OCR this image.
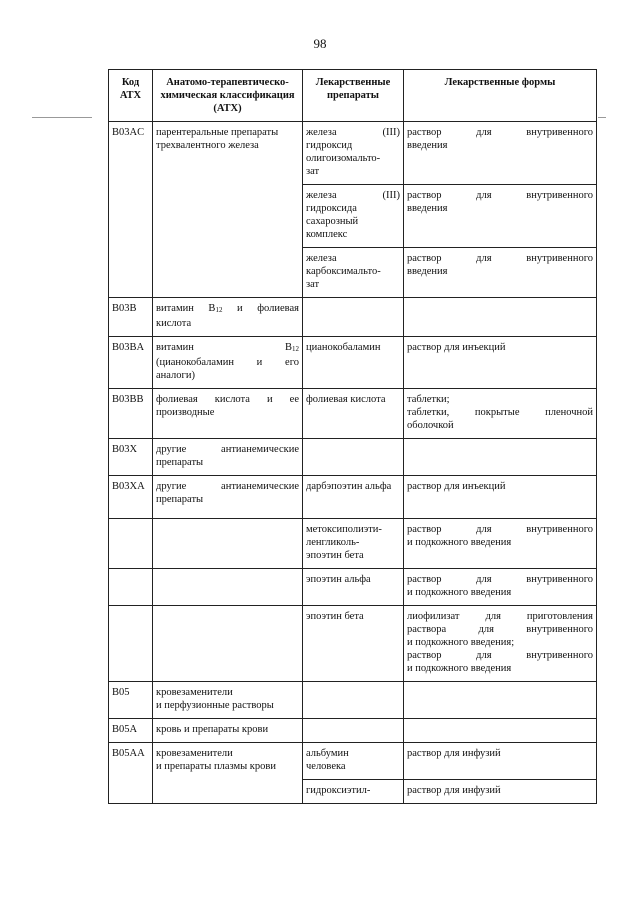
98
Код АТХ	Анатомо-терапевтическо-химическая классификация (АТХ)	Лекарственные препараты	Лекарственные формы
B03AC	парентеральные препараты трехвалентного железа	железа (III)
гидроксид
олигоизомальто-
зат	раствор для внутривенного
введения

		железа (III)
гидроксида
сахарозный
комплекс	раствор для внутривенного
введения

		железа
карбоксимальто-
зат	раствор для внутривенного
введения

B03B	витамин $B_{12}$ и фолиевая кислота		
B03BA	витамин $B_{12}$
(цианокобаламин и его
аналоги)	цианокобаламин	раствор для инъекций
B03BB	фолиевая кислота и ее
производные	фолиевая кислота	таблетки;
таблетки, покрытые пленочной
оболочкой

B03X	другие антианемические
препараты		

B03XA	другие антианемические
препараты	дарбэпоэтин альфа	раствор для инъекций

		метоксиполиэти-
ленгликоль-
эпоэтин бета	раствор для внутривенного
и подкожного введения

		эпоэтин альфа	раствор для внутривенного
и подкожного введения

		эпоэтин бета	лиофилизат для приготовления
раствора для внутривенного
и подкожного введения;
раствор для внутривенного
и подкожного введения

B05	кровезаменители
и перфузионные растворы		

B05A	кровь и препараты крови		
B05AA	кровезаменители
и препараты плазмы крови	альбумин
человека	раствор для инфузий
		гидроксиэтил-	раствор для инфузий
